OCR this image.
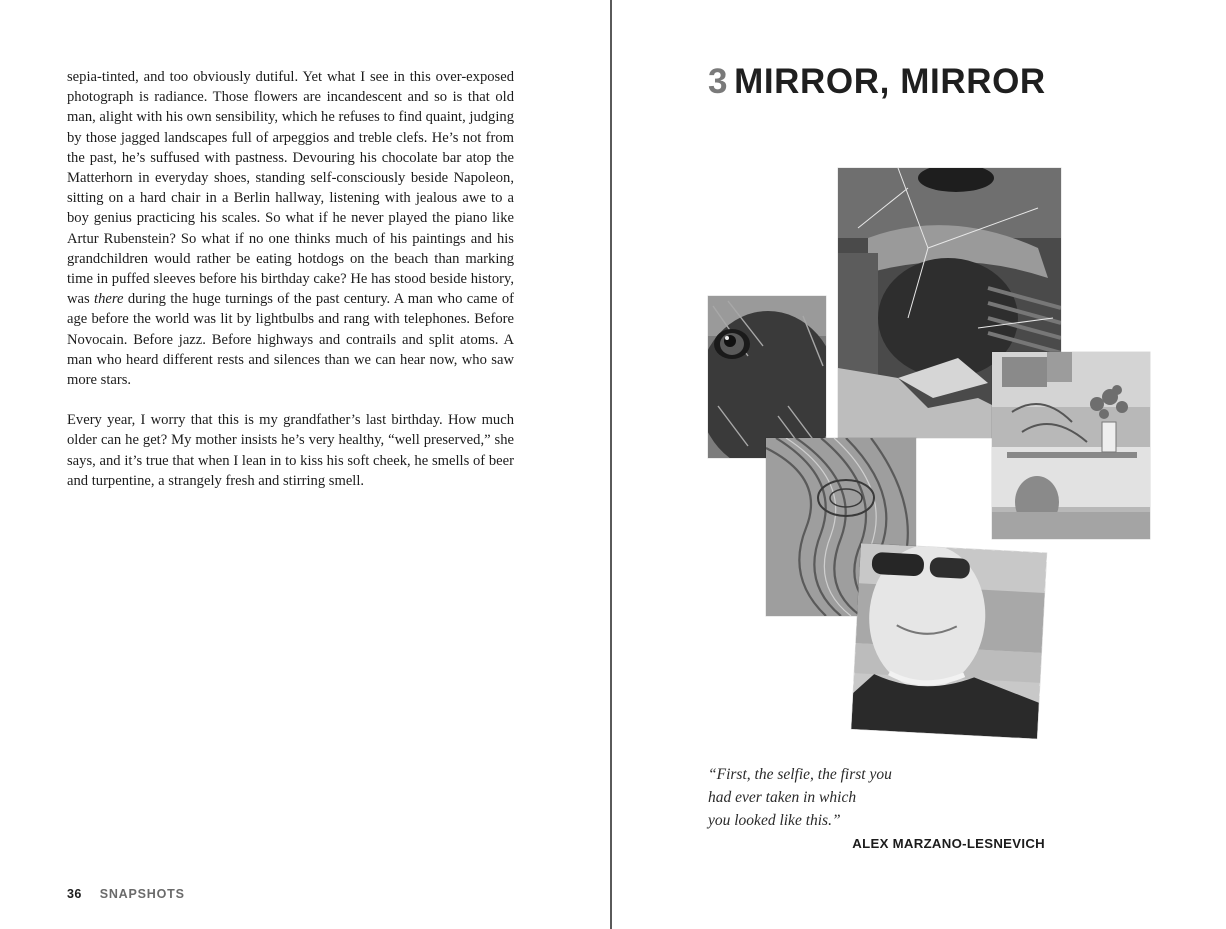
sepia-tinted, and too obviously dutiful. Yet what I see in this over-exposed photograph is radiance. Those flowers are incandescent and so is that old man, alight with his own sensibility, which he refuses to find quaint, judging by those jagged landscapes full of arpeggios and treble clefs. He’s not from the past, he’s suffused with pastness. Devouring his chocolate bar atop the Matterhorn in everyday shoes, standing self-consciously beside Napoleon, sitting on a hard chair in a Berlin hallway, listening with jealous awe to a boy genius practicing his scales. So what if he never played the piano like Artur Rubenstein? So what if no one thinks much of his paintings and his grandchildren would rather be eating hotdogs on the beach than marking time in puffed sleeves before his birthday cake? He has stood beside history, was there during the huge turnings of the past century. A man who came of age before the world was lit by lightbulbs and rang with telephones. Before Novocain. Before jazz. Before highways and contrails and split atoms. A man who heard different rests and silences than we can hear now, who saw more stars.

Every year, I worry that this is my grandfather’s last birthday. How much older can he get? My mother insists he’s very healthy, “well preserved,” she says, and it’s true that when I lean in to kiss his soft cheek, he smells of beer and turpentine, a strangely fresh and stirring smell.

36 SNAPSHOTS
3 MIRROR, MIRROR
“First, the selfie, the first you
had ever taken in which
you looked like this.”
ALEX MARZANO-LESNEVICH
